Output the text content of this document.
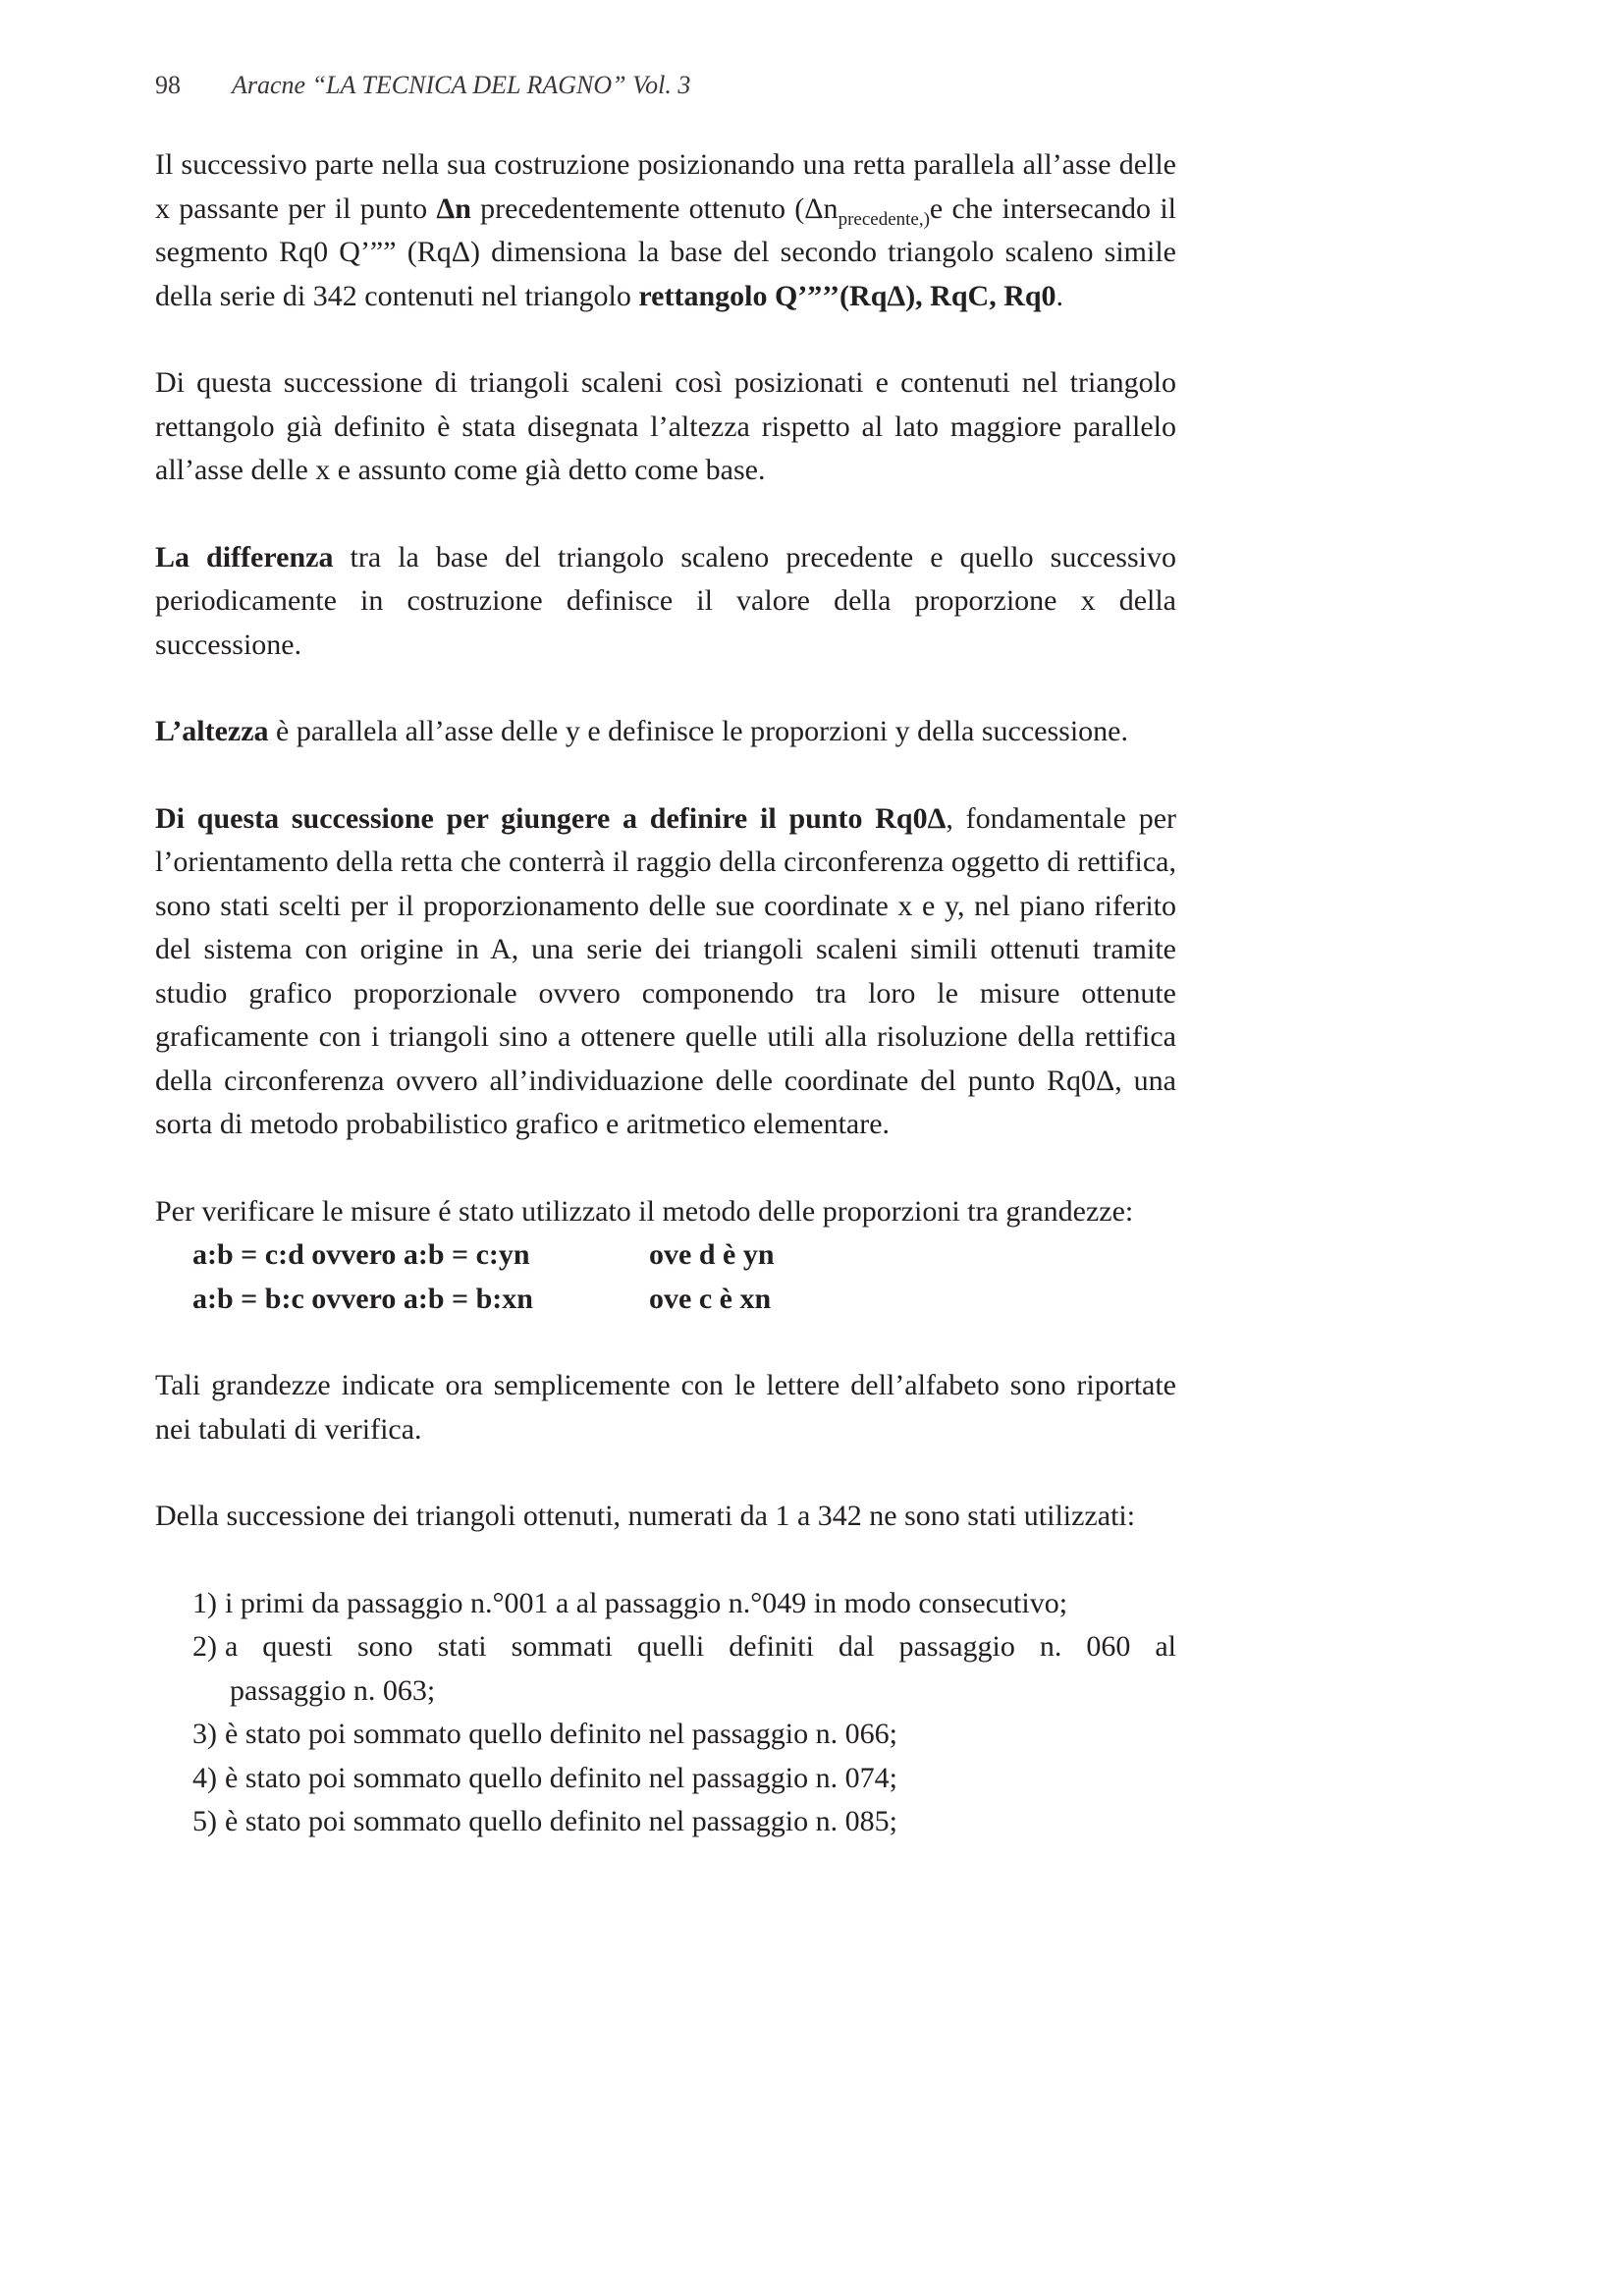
98 Aracne “LA TECNICA DEL RAGNO” Vol. 3

Il successivo parte nella sua costruzione posizionando una retta parallela all’asse delle x passante per il punto Δn precedentemente ottenuto ($\Delta n_{precedente,)}e$ che intersecando il segmento Rq0 Q’”” (RqΔ) dimensiona la base del secondo triangolo scaleno simile della serie di 342 contenuti nel triangolo rettangolo Q’”’’(RqΔ), RqC, Rq0.

Di questa successione di triangoli scaleni così posizionati e contenuti nel triangolo rettangolo già definito è stata disegnata l’altezza rispetto al lato maggiore parallelo all’asse delle x e assunto come già detto come base.

La differenza tra la base del triangolo scaleno precedente e quello successivo periodicamente in costruzione definisce il valore della proporzione x della successione.

L’altezza è parallela all’asse delle y e definisce le proporzioni y della successione.

Di questa successione per giungere a definire il punto Rq0Δ, fondamentale per l’orientamento della retta che conterrà il raggio della circonferenza oggetto di rettifica, sono stati scelti per il proporzionamento delle sue coordinate x e y, nel piano riferito del sistema con origine in A, una serie dei triangoli scaleni simili ottenuti tramite studio grafico proporzionale ovvero componendo tra loro le misure ottenute graficamente con i triangoli sino a ottenere quelle utili alla risoluzione della rettifica della circonferenza ovvero all’individuazione delle coordinate del punto Rq0Δ, una sorta di metodo probabilistico grafico e aritmetico elementare.

Per verificare le misure é stato utilizzato il metodo delle proporzioni tra grandezze:

a:b = c:d ovvero a:b = c:yn	ove d è yn
a:b = b:c ovvero a:b = b:xn	ove c è xn

Tali grandezze indicate ora semplicemente con le lettere dell’alfabeto sono riportate nei tabulati di verifica.

Della successione dei triangoli ottenuti, numerati da 1 a 342 ne sono stati utilizzati:

1) i primi da passaggio n.°001 a al passaggio n.°049 in modo consecutivo;
2) a questi sono stati sommati quelli definiti dal passaggio n. 060 al
passaggio n. 063;
3) è stato poi sommato quello definito nel passaggio n. 066;
4) è stato poi sommato quello definito nel passaggio n. 074;
5) è stato poi sommato quello definito nel passaggio n. 085;
